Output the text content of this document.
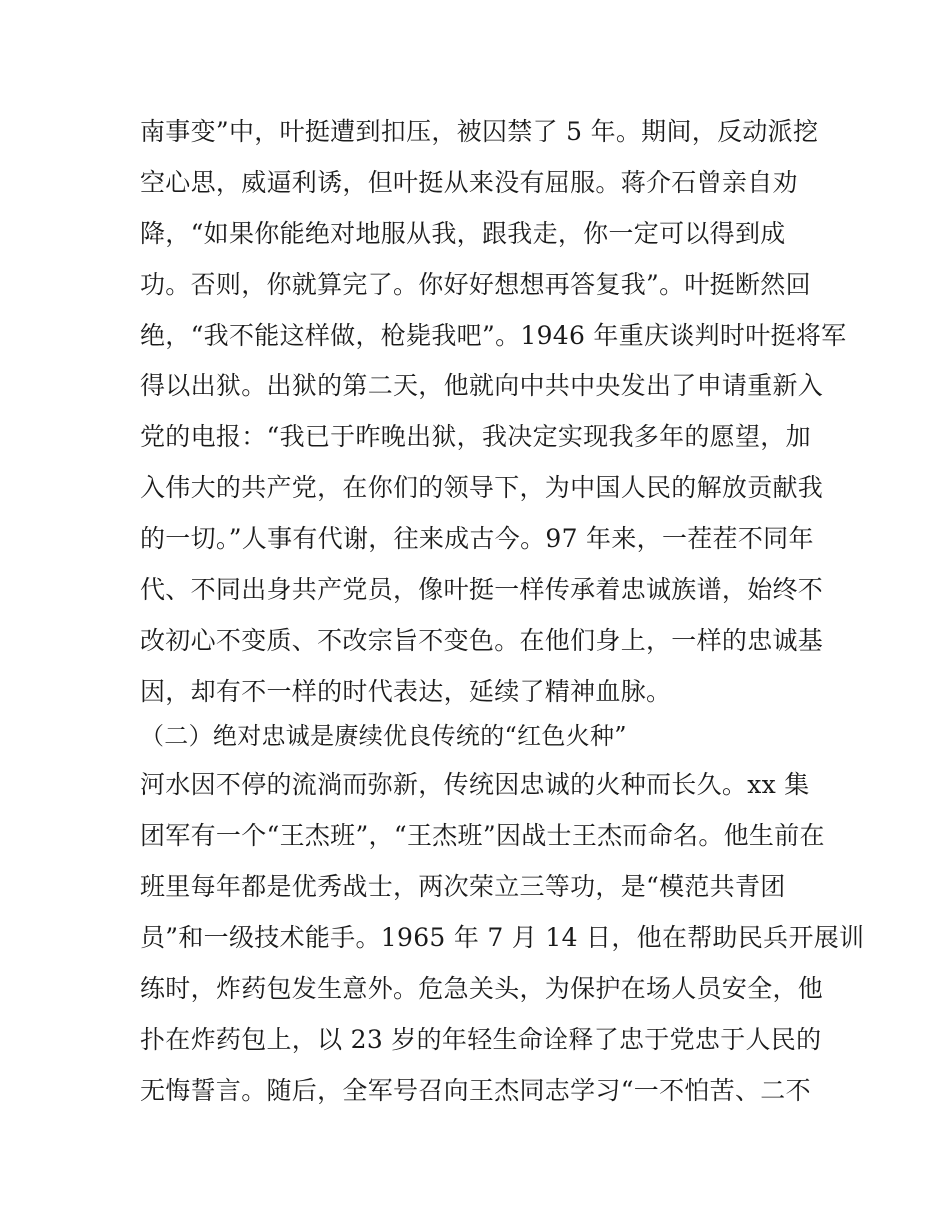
南事变”中，叶挺遭到扣压，被囚禁了 5 年。期间，反动派挖
空心思，威逼利诱，但叶挺从来没有屈服。蒋介石曾亲自劝
降，“如果你能绝对地服从我，跟我走，你一定可以得到成
功。否则，你就算完了。你好好想想再答复我”。叶挺断然回
绝，“我不能这样做，枪毙我吧”。1946 年重庆谈判时叶挺将军
得以出狱。出狱的第二天，他就向中共中央发出了申请重新入
党的电报：“我已于昨晚出狱，我决定实现我多年的愿望，加
入伟大的共产党，在你们的领导下，为中国人民的解放贡献我
的一切。”人事有代谢，往来成古今。97 年来，一茬茬不同年
代、不同出身共产党员，像叶挺一样传承着忠诚族谱，始终不
改初心不变质、不改宗旨不变色。在他们身上，一样的忠诚基
因，却有不一样的时代表达，延续了精神血脉。
（二）绝对忠诚是赓续优良传统的“红色火种”
河水因不停的流淌而弥新，传统因忠诚的火种而长久。xx 集
团军有一个“王杰班”，“王杰班”因战士王杰而命名。他生前在
班里每年都是优秀战士，两次荣立三等功，是“模范共青团
员”和一级技术能手。1965 年 7 月 14 日，他在帮助民兵开展训
练时，炸药包发生意外。危急关头，为保护在场人员安全，他
扑在炸药包上，以 23 岁的年轻生命诠释了忠于党忠于人民的
无悔誓言。随后，全军号召向王杰同志学习“一不怕苦、二不
